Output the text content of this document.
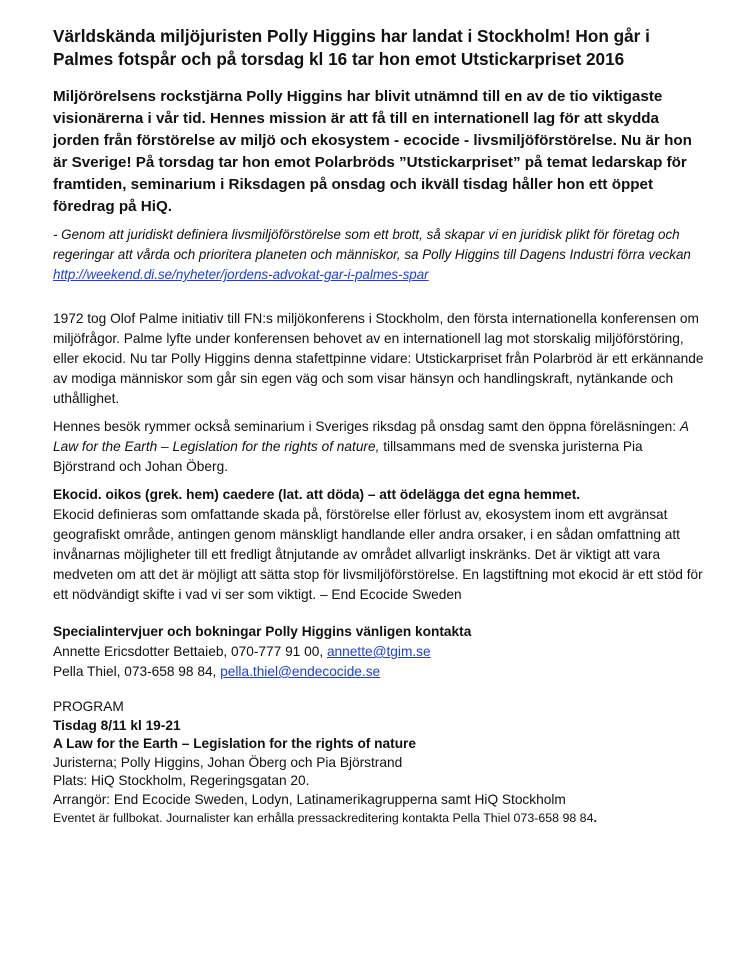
Världskända miljöjuristen Polly Higgins har landat i Stockholm! Hon går i Palmes fotspår och på torsdag kl 16 tar hon emot Utstickarpriset 2016

Miljörörelsens rockstjärna Polly Higgins har blivit utnämnd till en av de tio viktigaste visionärerna i vår tid. Hennes mission är att få till en internationell lag för att skydda jorden från förstörelse av miljö och ekosystem - ecocide - livsmiljöförstörelse. Nu är hon är Sverige! På torsdag tar hon emot Polarbröds ”Utstickarpriset” på temat ledarskap för framtiden, seminarium i Riksdagen på onsdag och ikväll tisdag håller hon ett öppet föredrag på HiQ.

- Genom att juridiskt definiera livsmiljöförstörelse som ett brott, så skapar vi en juridisk plikt för företag och regeringar att vårda och prioritera planeten och människor, sa Polly Higgins till Dagens Industri förra veckan http://weekend.di.se/nyheter/jordens-advokat-gar-i-palmes-spar

1972 tog Olof Palme initiativ till FN:s miljökonferens i Stockholm, den första internationella konferensen om miljöfrågor. Palme lyfte under konferensen behovet av en internationell lag mot storskalig miljöförstöring, eller ekocid. Nu tar Polly Higgins denna stafettpinne vidare: Utstickarpriset från Polarbröd är ett erkännande av modiga människor som går sin egen väg och som visar hänsyn och handlingskraft, nytänkande och uthållighet.

Hennes besök rymmer också seminarium i Sveriges riksdag på onsdag samt den öppna föreläsningen: A Law for the Earth – Legislation for the rights of nature, tillsammans med de svenska juristerna Pia Björstrand och Johan Öberg.

Ekocid. oikos (grek. hem) caedere (lat. att döda) – att ödelägga det egna hemmet.
Ekocid definieras som omfattande skada på, förstörelse eller förlust av, ekosystem inom ett avgränsat geografiskt område, antingen genom mänskligt handlande eller andra orsaker, i en sådan omfattning att invånarnas möjligheter till ett fredligt åtnjutande av området allvarligt inskränks. Det är viktigt att vara medveten om att det är möjligt att sätta stop för livsmiljöförstörelse. En lagstiftning mot ekocid är ett stöd för ett nödvändigt skifte i vad vi ser som viktigt. – End Ecocide Sweden
Specialintervjuer och bokningar Polly Higgins vänligen kontakta
Annette Ericsdotter Bettaieb, 070-777 91 00, annette@tgim.se
Pella Thiel, 073-658 98 84, pella.thiel@endecocide.se
PROGRAM
Tisdag 8/11 kl 19-21
A Law for the Earth – Legislation for the rights of nature
Juristerna; Polly Higgins, Johan Öberg och Pia Björstrand
Plats: HiQ Stockholm, Regeringsgatan 20.
Arrangör: End Ecocide Sweden, Lodyn, Latinamerikagrupperna samt HiQ Stockholm
Eventet är fullbokat. Journalister kan erhålla pressackreditering kontakta Pella Thiel 073-658 98 84.
